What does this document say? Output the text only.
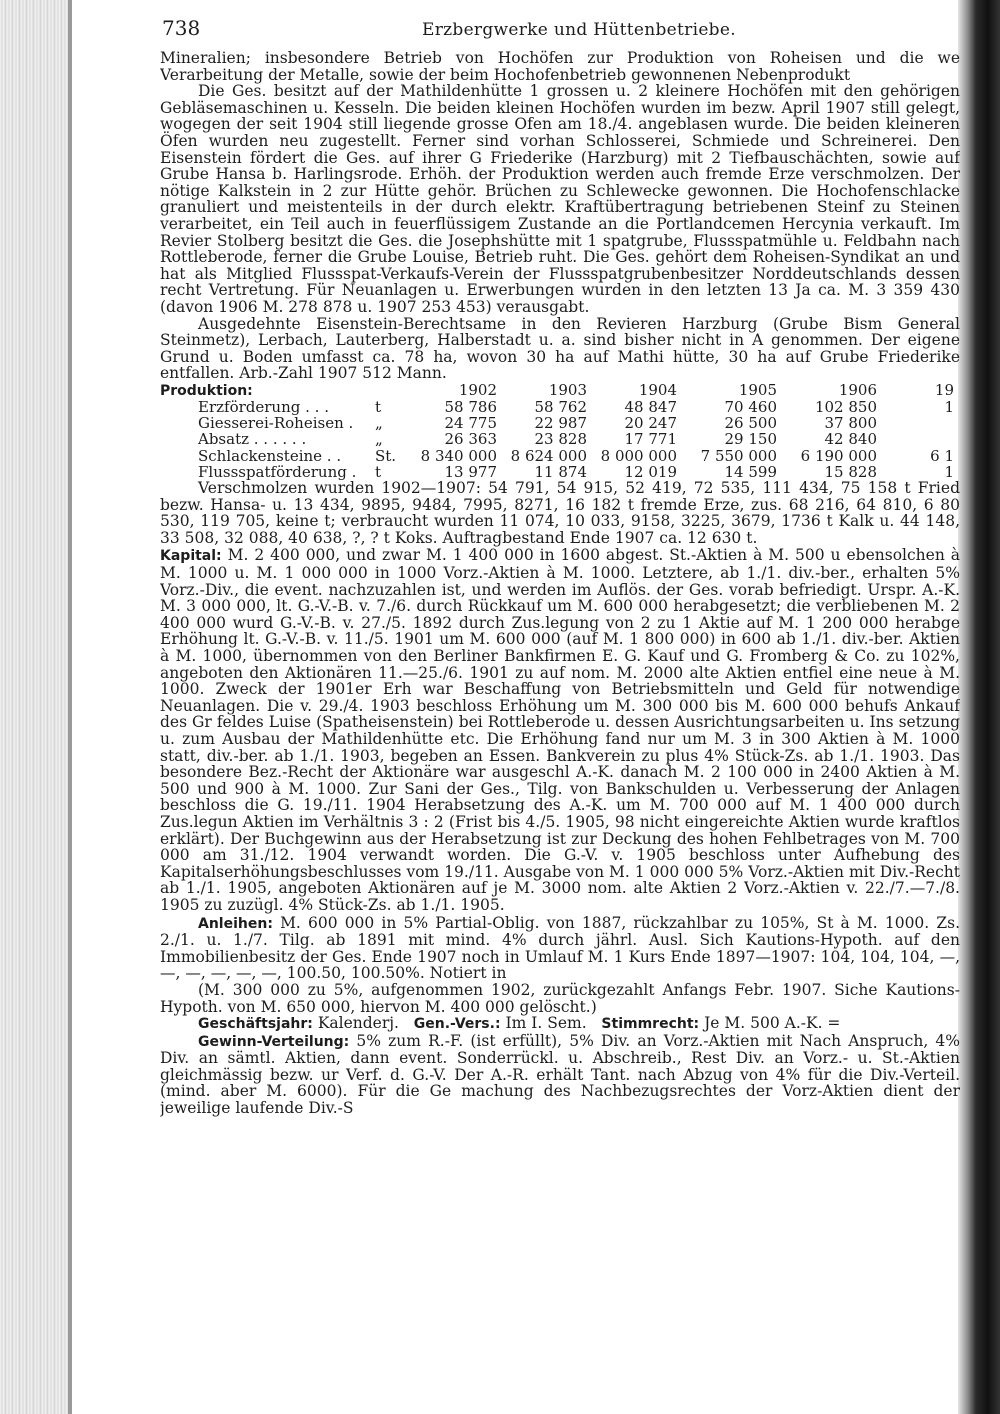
738	Erzbergwerke und Hüttenbetriebe.

Mineralien; insbesondere Betrieb von Hochöfen zur Produktion von Roheisen und die we Verarbeitung der Metalle, sowie der beim Hochofenbetrieb gewonnenen Nebenprodukt

Die Ges. besitzt auf der Mathildenhütte 1 grossen u. 2 kleinere Hochöfen mit den gehörigen Gebläsemaschinen u. Kesseln. Die beiden kleinen Hochöfen wurden im bezw. April 1907 still gelegt, wogegen der seit 1904 still liegende grosse Ofen am 18./4. angeblasen wurde. Die beiden kleineren Öfen wurden neu zugestellt. Ferner sind vorhan Schlosserei, Schmiede und Schreinerei. Den Eisenstein fördert die Ges. auf ihrer G Friederike (Harzburg) mit 2 Tiefbauschächten, sowie auf Grube Hansa b. Harlingsrode. Erhöh. der Produktion werden auch fremde Erze verschmolzen. Der nötige Kalkstein in 2 zur Hütte gehör. Brüchen zu Schlewecke gewonnen. Die Hochofenschlacke granuliert und meistenteils in der durch elektr. Kraftübertragung betriebenen Steinf zu Steinen verarbeitet, ein Teil auch in feuerflüssigem Zustande an die Portlandcemen Hercynia verkauft. Im Revier Stolberg besitzt die Ges. die Josephshütte mit 1 spatgrube, Flussspatmühle u. Feldbahn nach Rottleberode, ferner die Grube Louise, Betrieb ruht. Die Ges. gehört dem Roheisen-Syndikat an und hat als Mitglied Flussspat-Verkaufs-Verein der Flussspatgrubenbesitzer Norddeutschlands dessen recht Vertretung. Für Neuanlagen u. Erwerbungen wurden in den letzten 13 Ja ca. M. 3 359 430 (davon 1906 M. 278 878 u. 1907 253 453) verausgabt.

Ausgedehnte Eisenstein-Berechtsame in den Revieren Harzburg (Grube Bism General Steinmetz), Lerbach, Lauterberg, Halberstadt u. a. sind bisher nicht in A genommen. Der eigene Grund u. Boden umfasst ca. 78 ha, wovon 30 ha auf Mathi hütte, 30 ha auf Grube Friederike entfallen. Arb.-Zahl 1907 512 Mann.

Produktion:		1902	1903	1904	1905	1906	19
Erzförderung . . .	t	58 786	58 762	48 847	70 460	102 850	1
Giesserei-Roheisen .	„	24 775	22 987	20 247	26 500	37 800	
Absatz . . . . . .	„	26 363	23 828	17 771	29 150	42 840	
Schlackensteine . .	St.	8 340 000	8 624 000	8 000 000	7 550 000	6 190 000	6 1
Flussspatförderung .	t	13 977	11 874	12 019	14 599	15 828	1

Verschmolzen wurden 1902—1907: 54 791, 54 915, 52 419, 72 535, 111 434, 75 158 t Fried bezw. Hansa- u. 13 434, 9895, 9484, 7995, 8271, 16 182 t fremde Erze, zus. 68 216, 64 810, 6 80 530, 119 705, keine t; verbraucht wurden 11 074, 10 033, 9158, 3225, 3679, 1736 t Kalk u. 44 148, 33 508, 32 088, 40 638, ?, ? t Koks. Auftragbestand Ende 1907 ca. 12 630 t.

Kapital: M. 2 400 000, und zwar M. 1 400 000 in 1600 abgest. St.-Aktien à M. 500 u ebensolchen à M. 1000 u. M. 1 000 000 in 1000 Vorz.-Aktien à M. 1000. Letztere, ab 1./1. div.-ber., erhalten 5% Vorz.-Div., die event. nachzuzahlen ist, und werden im Auflös. der Ges. vorab befriedigt. Urspr. A.-K. M. 3 000 000, lt. G.-V.-B. v. 7./6. durch Rückkauf um M. 600 000 herabgesetzt; die verbliebenen M. 2 400 000 wurd G.-V.-B. v. 27./5. 1892 durch Zus.legung von 2 zu 1 Aktie auf M. 1 200 000 herabge Erhöhung lt. G.-V.-B. v. 11./5. 1901 um M. 600 000 (auf M. 1 800 000) in 600 ab 1./1. div.-ber. Aktien à M. 1000, übernommen von den Berliner Bankfirmen E. G. Kauf und G. Fromberg & Co. zu 102%, angeboten den Aktionären 11.—25./6. 1901 zu auf nom. M. 2000 alte Aktien entfiel eine neue à M. 1000. Zweck der 1901er Erh war Beschaffung von Betriebsmitteln und Geld für notwendige Neuanlagen. Die v. 29./4. 1903 beschloss Erhöhung um M. 300 000 bis M. 600 000 behufs Ankauf des Gr feldes Luise (Spatheisenstein) bei Rottleberode u. dessen Ausrichtungsarbeiten u. Ins setzung u. zum Ausbau der Mathildenhütte etc. Die Erhöhung fand nur um M. 3 in 300 Aktien à M. 1000 statt, div.-ber. ab 1./1. 1903, begeben an Essen. Bankverein zu plus 4% Stück-Zs. ab 1./1. 1903. Das besondere Bez.-Recht der Aktionäre war ausgeschl A.-K. danach M. 2 100 000 in 2400 Aktien à M. 500 und 900 à M. 1000. Zur Sani der Ges., Tilg. von Bankschulden u. Verbesserung der Anlagen beschloss die G. 19./11. 1904 Herabsetzung des A.-K. um M. 700 000 auf M. 1 400 000 durch Zus.legun Aktien im Verhältnis 3 : 2 (Frist bis 4./5. 1905, 98 nicht eingereichte Aktien wurde kraftlos erklärt). Der Buchgewinn aus der Herabsetzung ist zur Deckung des hohen Fehlbetrages von M. 700 000 am 31./12. 1904 verwandt worden. Die G.-V. v. 1905 beschloss unter Aufhebung des Kapitalserhöhungsbeschlusses vom 19./11. Ausgabe von M. 1 000 000 5% Vorz.-Aktien mit Div.-Recht ab 1./1. 1905, angeboten Aktionären auf je M. 3000 nom. alte Aktien 2 Vorz.-Aktien v. 22./7.—7./8. 1905 zu zuzügl. 4% Stück-Zs. ab 1./1. 1905.

Anleihen: M. 600 000 in 5% Partial-Oblig. von 1887, rückzahlbar zu 105%, St à M. 1000. Zs. 2./1. u. 1./7. Tilg. ab 1891 mit mind. 4% durch jährl. Ausl. Sich Kautions-Hypoth. auf den Immobilienbesitz der Ges. Ende 1907 noch in Umlauf M. 1 Kurs Ende 1897—1907: 104, 104, 104, —, —, —, —, —, —, 100.50, 100.50%. Notiert in

(M. 300 000 zu 5%, aufgenommen 1902, zurückgezahlt Anfangs Febr. 1907. Siche Kautions-Hypoth. von M. 650 000, hiervon M. 400 000 gelöscht.)

Geschäftsjahr: Kalenderj. Gen.-Vers.: Im I. Sem. Stimmrecht: Je M. 500 A.-K. =

Gewinn-Verteilung: 5% zum R.-F. (ist erfüllt), 5% Div. an Vorz.-Aktien mit Nach Anspruch, 4% Div. an sämtl. Aktien, dann event. Sonderrückl. u. Abschreib., Rest Div. an Vorz.- u. St.-Aktien gleichmässig bezw. ur Verf. d. G.-V. Der A.-R. erhält Tant. nach Abzug von 4% für die Div.-Verteil. (mind. aber M. 6000). Für die Ge machung des Nachbezugsrechtes der Vorz-Aktien dient der jeweilige laufende Div.-S
